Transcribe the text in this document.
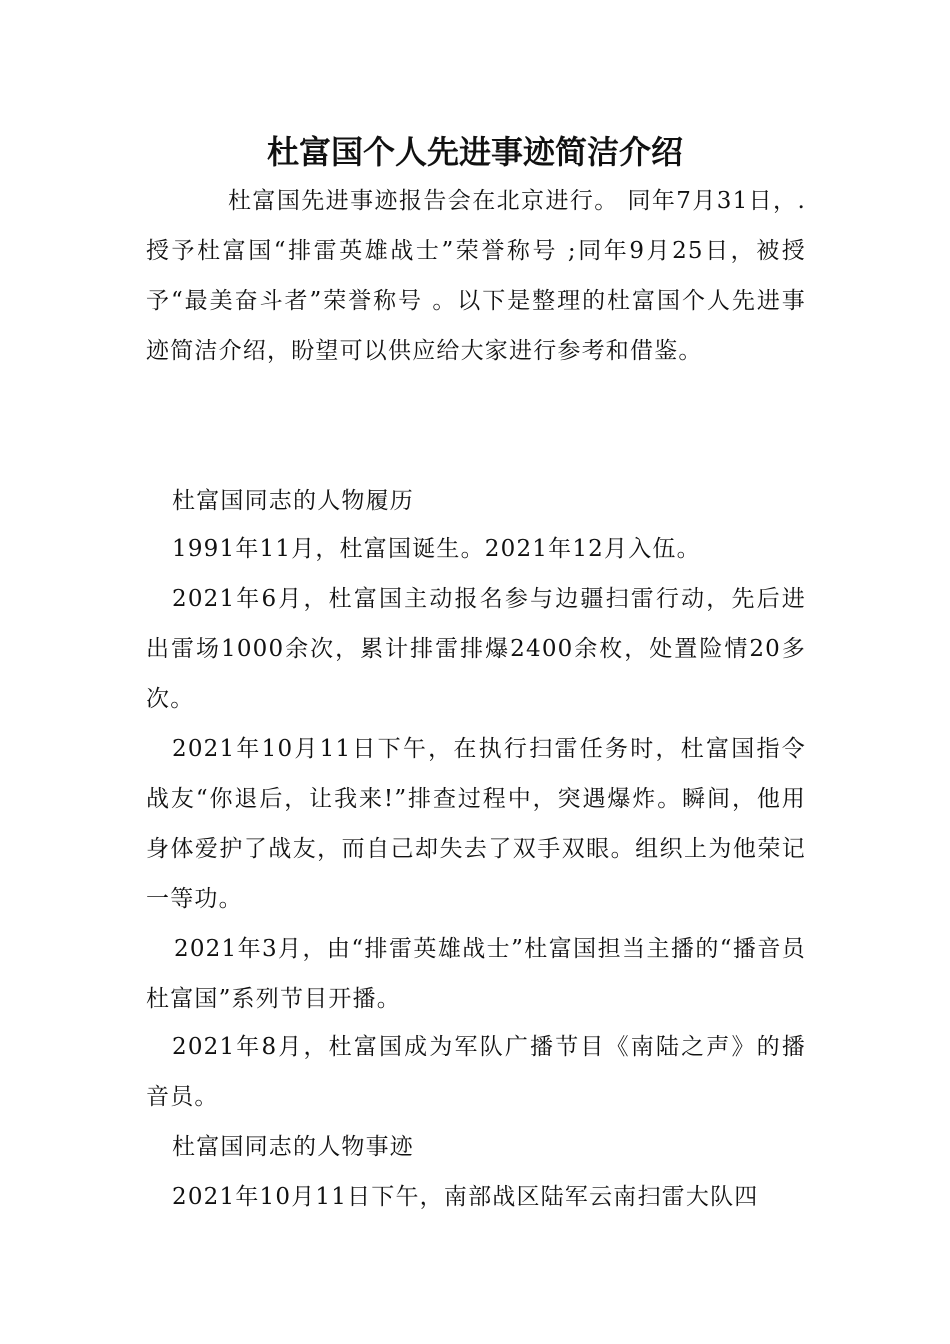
杜富国个人先进事迹简洁介绍

杜富国先进事迹报告会在北京进行。 同年7月31日，.授予杜富国“排雷英雄战士”荣誉称号 ;同年9月25日，被授予“最美奋斗者”荣誉称号 。以下是整理的杜富国个人先进事迹简洁介绍，盼望可以供应给大家进行参考和借鉴。

杜富国同志的人物履历

1991年11月，杜富国诞生。2021年12月入伍。

2021年6月，杜富国主动报名参与边疆扫雷行动，先后进出雷场1000余次，累计排雷排爆2400余枚，处置险情20多次。

2021年10月11日下午，在执行扫雷任务时，杜富国指令战友“你退后，让我来!”排查过程中，突遇爆炸。瞬间，他用身体爱护了战友，而自己却失去了双手双眼。组织上为他荣记一等功。

2021年3月，由“排雷英雄战士”杜富国担当主播的“播音员杜富国”系列节目开播。

2021年8月，杜富国成为军队广播节目《南陆之声》的播音员。

杜富国同志的人物事迹

2021年10月11日下午，南部战区陆军云南扫雷大队四
